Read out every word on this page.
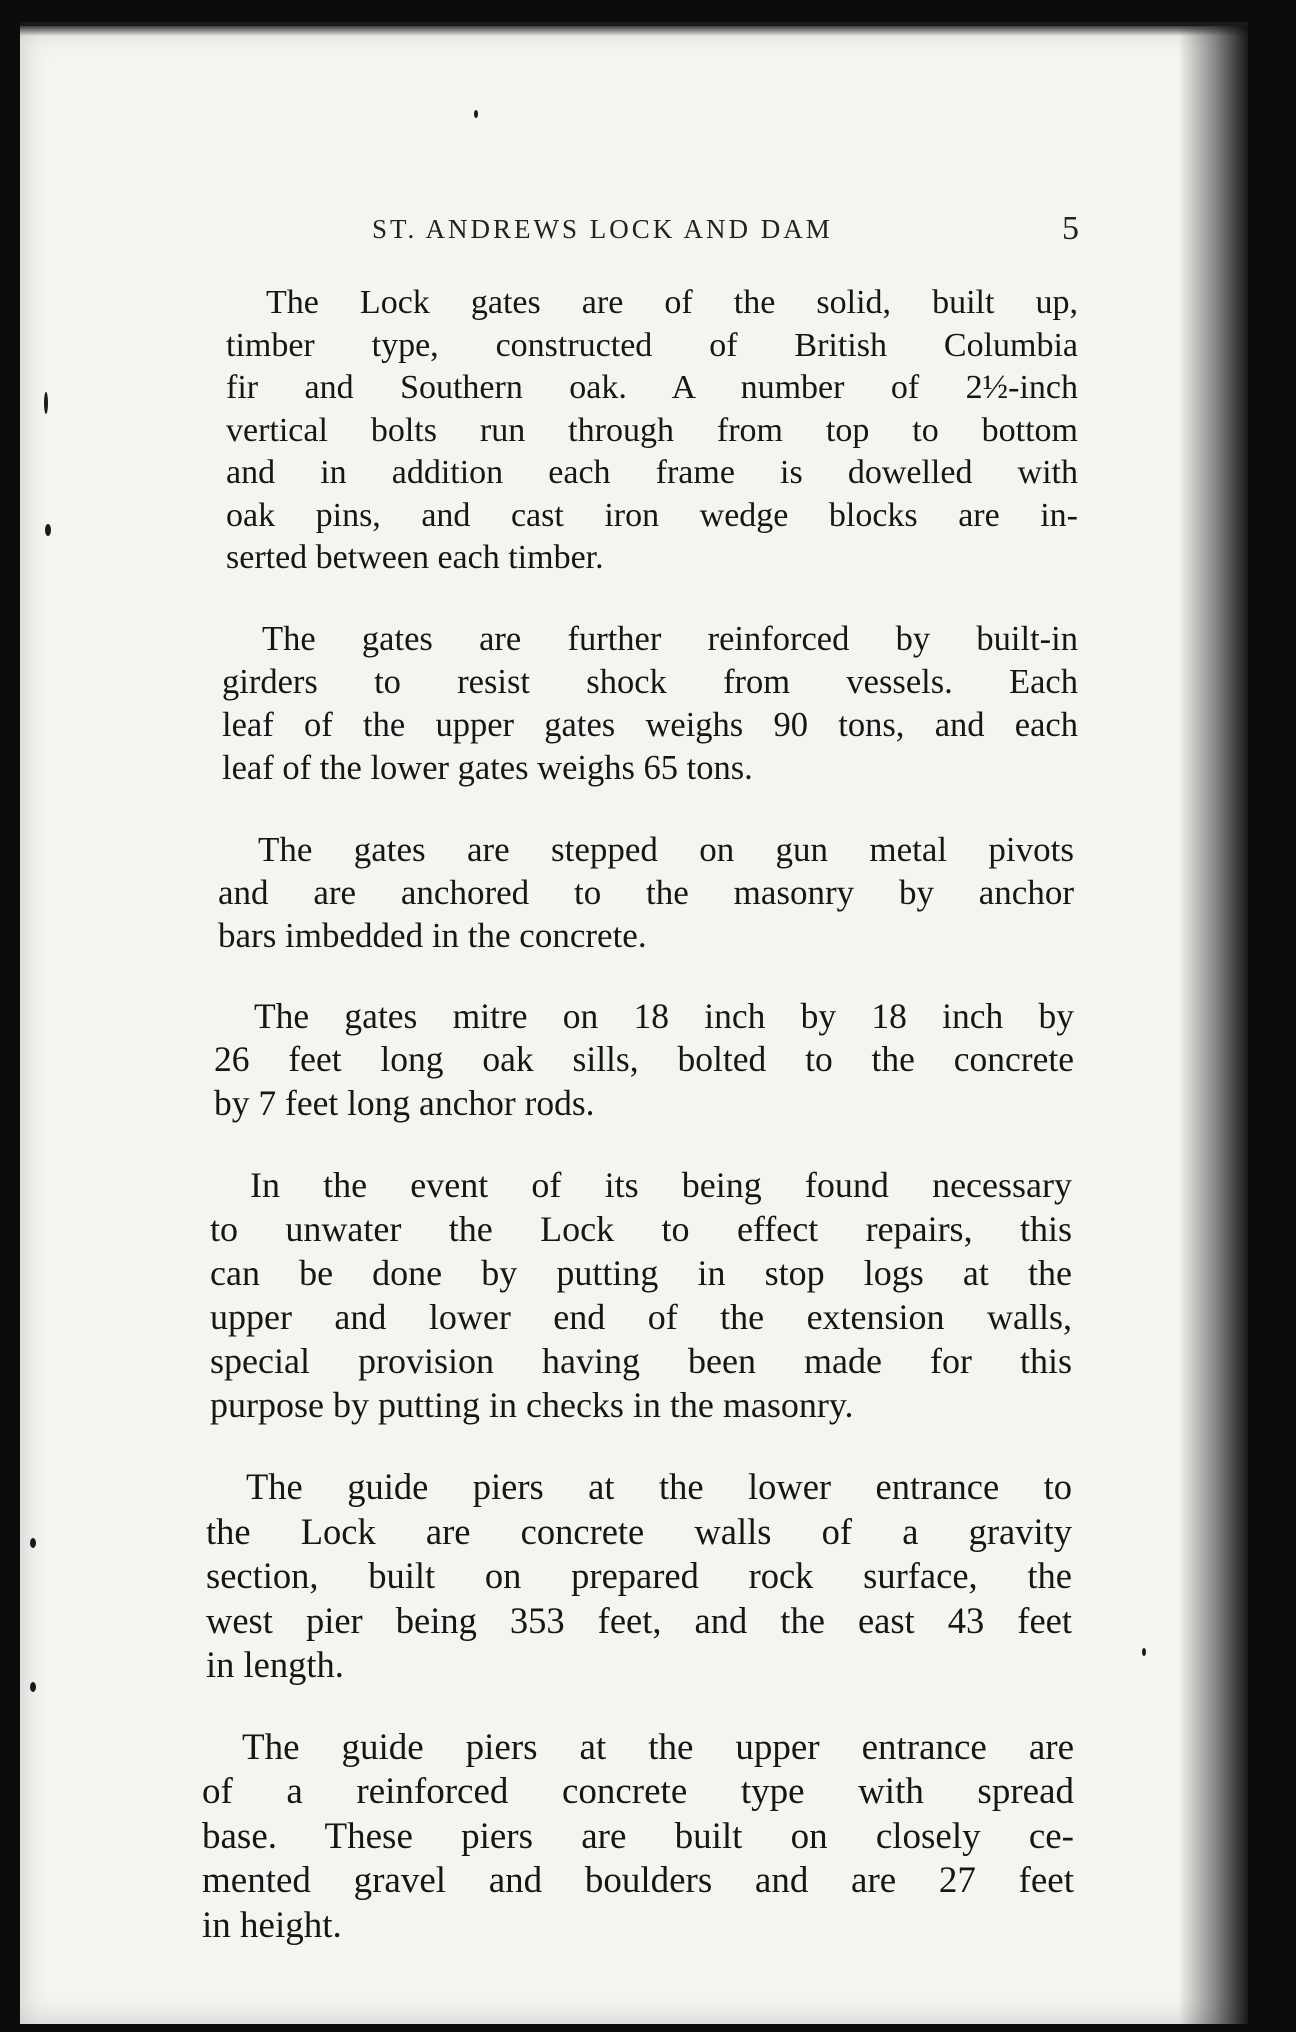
ST. ANDREWS LOCK AND DAM	5
The Lock gates are of the solid, built up,
timber type, constructed of British Columbia
fir and Southern oak. A number of 2½-inch
vertical bolts run through from top to bottom
and in addition each frame is dowelled with
oak pins, and cast iron wedge blocks are in-
serted between each timber.
The gates are further reinforced by built-in
girders to resist shock from vessels. Each
leaf of the upper gates weighs 90 tons, and each
leaf of the lower gates weighs 65 tons.
The gates are stepped on gun metal pivots
and are anchored to the masonry by anchor
bars imbedded in the concrete.
The gates mitre on 18 inch by 18 inch by
26 feet long oak sills, bolted to the concrete
by 7 feet long anchor rods.
In the event of its being found necessary
to unwater the Lock to effect repairs, this
can be done by putting in stop logs at the
upper and lower end of the extension walls,
special provision having been made for this
purpose by putting in checks in the masonry.
The guide piers at the lower entrance to
the Lock are concrete walls of a gravity
section, built on prepared rock surface, the
west pier being 353 feet, and the east 43 feet
in length.
The guide piers at the upper entrance are
of a reinforced concrete type with spread
base. These piers are built on closely ce-
mented gravel and boulders and are 27 feet
in height.
